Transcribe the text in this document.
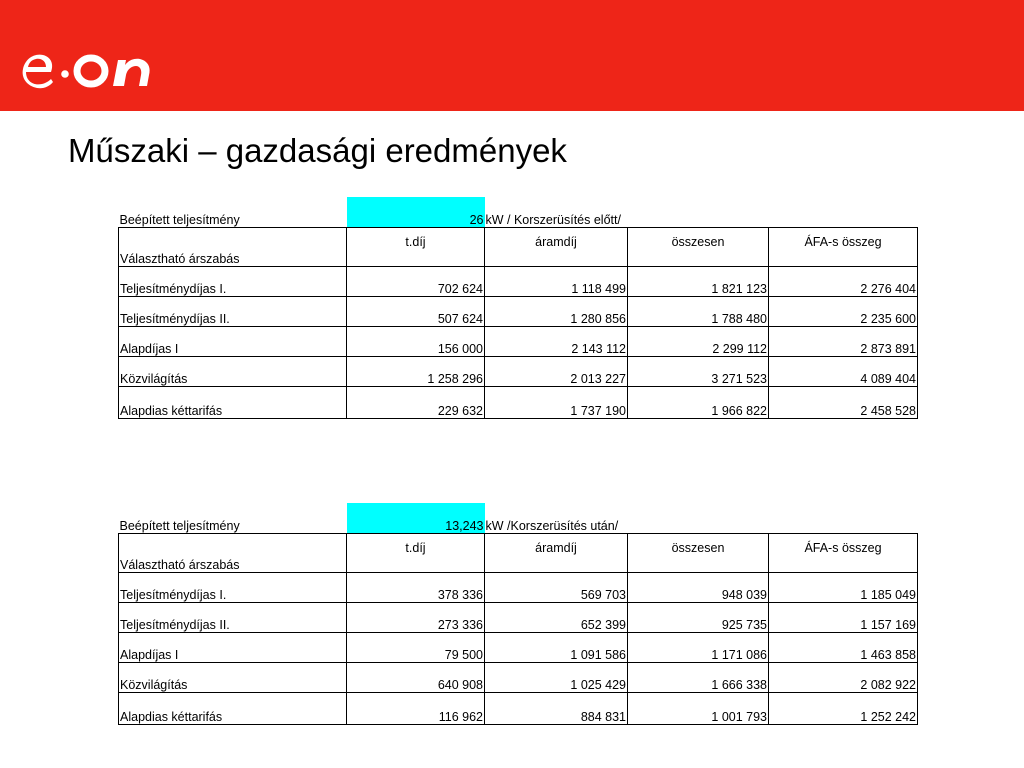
Műszaki – gazdasági eredmények
Beépített teljesítmény	26	kW / Korszerüsítés előtt/		
Választható árszabás	t.díj	áramdíj	összesen	ÁFA-s összeg
Teljesítménydíjas I.	702 624	1 118 499	1 821 123	2 276 404
Teljesítménydíjas II.	507 624	1 280 856	1 788 480	2 235 600
Alapdíjas I	156 000	2 143 112	2 299 112	2 873 891
Közvilágítás	1 258 296	2 013 227	3 271 523	4 089 404
Alapdias kéttarifás	229 632	1 737 190	1 966 822	2 458 528
Beépített teljesítmény	13,243	kW /Korszerüsítés után/		
Választható árszabás	t.díj	áramdíj	összesen	ÁFA-s összeg
Teljesítménydíjas I.	378 336	569 703	948 039	1 185 049
Teljesítménydíjas II.	273 336	652 399	925 735	1 157 169
Alapdíjas I	79 500	1 091 586	1 171 086	1 463 858
Közvilágítás	640 908	1 025 429	1 666 338	2 082 922
Alapdias kéttarifás	116 962	884 831	1 001 793	1 252 242
